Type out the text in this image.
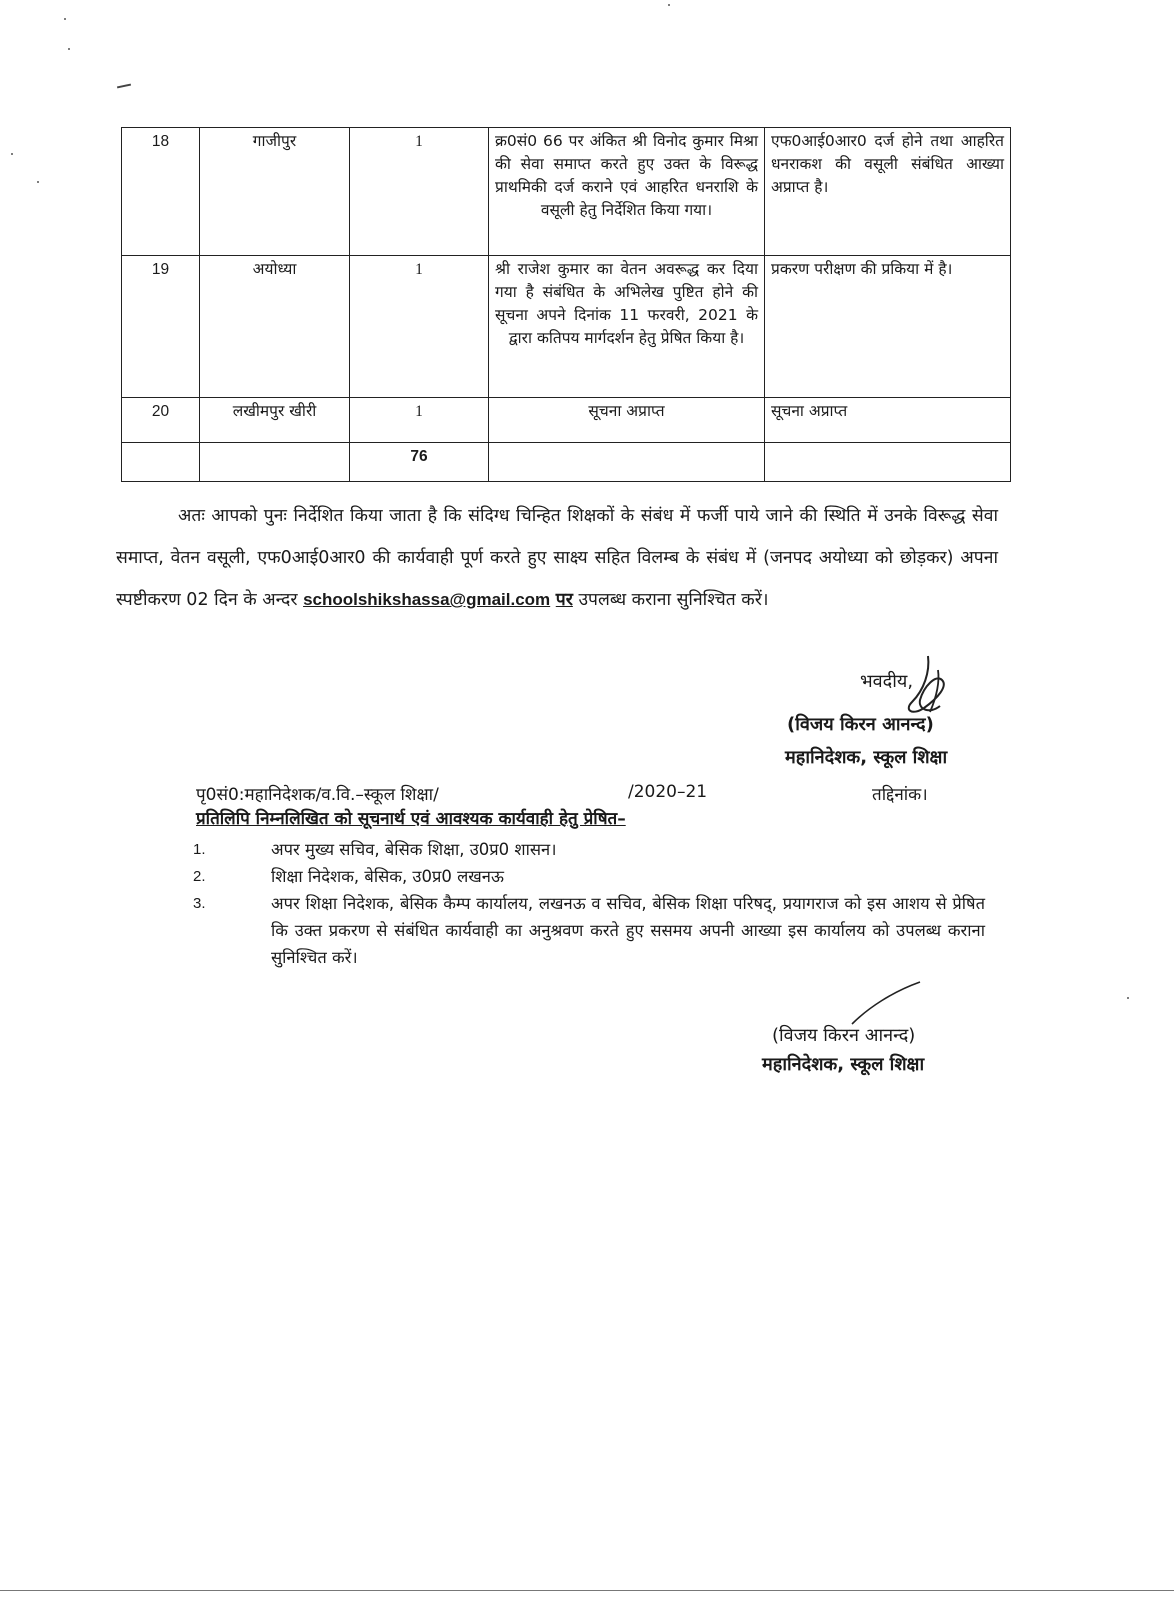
18	गाजीपुर	1	क्र0सं0 66 पर अंकित श्री विनोद कुमार मिश्रा की सेवा समाप्त करते हुए उक्त के विरूद्ध प्राथमिकी दर्ज कराने एवं आहरित धनराशि के वसूली हेतु निर्देशित किया गया।	एफ0आई0आर0 दर्ज होने तथा आहरित धनराकश की वसूली संबंधित आख्या अप्राप्त है।
19	अयोध्या	1	श्री राजेश कुमार का वेतन अवरूद्ध कर दिया गया है संबंधित के अभिलेख पुष्टित होने की सूचना अपने दिनांक 11 फरवरी, 2021 के द्वारा कतिपय मार्गदर्शन हेतु प्रेषित किया है।	प्रकरण परीक्षण की प्रकिया में है।
20	लखीमपुर खीरी	1	सूचना अप्राप्त	सूचना अप्राप्त
		76		
अतः आपको पुनः निर्देशित किया जाता है कि संदिग्ध चिन्हित शिक्षकों के संबंध में फर्जी पाये जाने की स्थिति में उनके विरूद्ध सेवा समाप्त, वेतन वसूली, एफ0आई0आर0 की कार्यवाही पूर्ण करते हुए साक्ष्य सहित विलम्ब के संबंध में (जनपद अयोध्या को छोड़कर) अपना स्पष्टीकरण 02 दिन के अन्दर schoolshikshassa@gmail.com पर उपलब्ध कराना सुनिश्चित करें।
भवदीय,
(विजय किरन आनन्द)
महानिदेशक, स्कूल शिक्षा
पृ0सं0:महानिदेशक/व.वि.–स्कूल शिक्षा/	/2020–21	तद्दिनांक।
प्रतिलिपि निम्नलिखित को सूचनार्थ एवं आवश्यक कार्यवाही हेतु प्रेषित–
1.	अपर मुख्य सचिव, बेसिक शिक्षा, उ0प्र0 शासन।
2.	शिक्षा निदेशक, बेसिक, उ0प्र0 लखनऊ
3.	अपर शिक्षा निदेशक, बेसिक कैम्प कार्यालय, लखनऊ व सचिव, बेसिक शिक्षा परिषद्, प्रयागराज को इस आशय से प्रेषित कि उक्त प्रकरण से संबंधित कार्यवाही का अनुश्रवण करते हुए ससमय अपनी आख्या इस कार्यालय को उपलब्ध कराना सुनिश्चित करें।
(विजय किरन आनन्द)
महानिदेशक, स्कूल शिक्षा
